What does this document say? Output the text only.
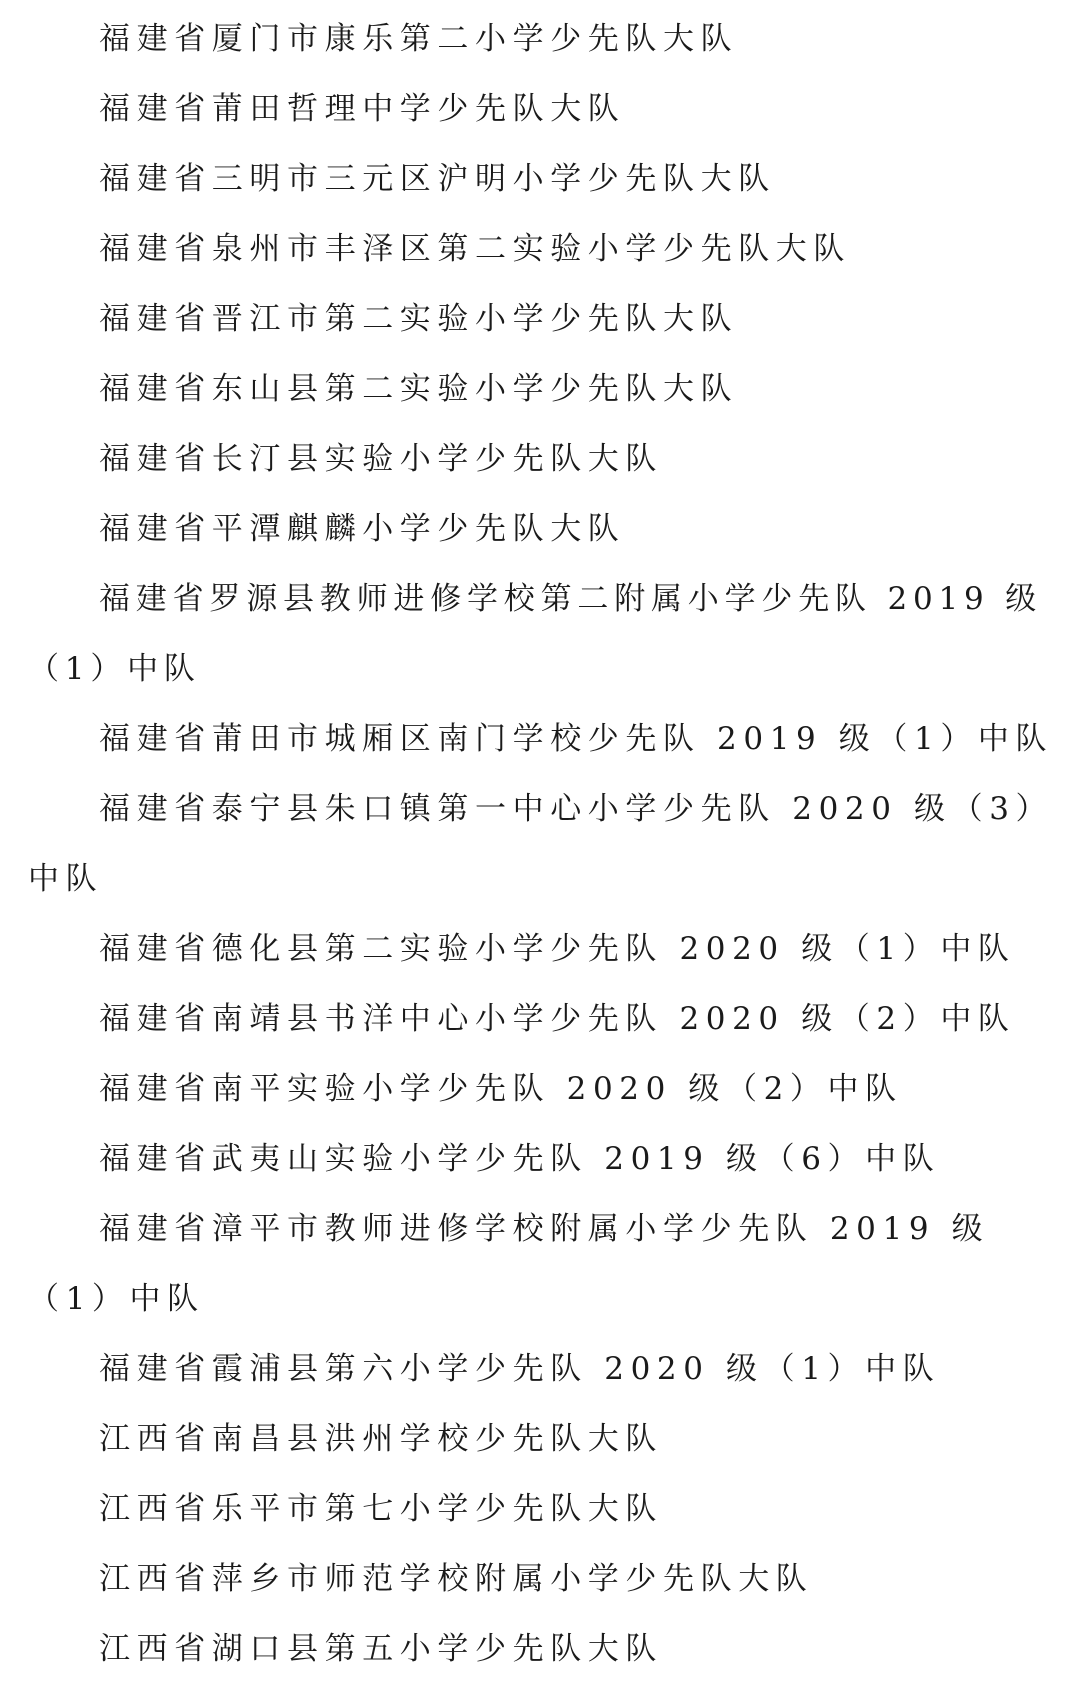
福建省厦门市康乐第二小学少先队大队

福建省莆田哲理中学少先队大队

福建省三明市三元区沪明小学少先队大队

福建省泉州市丰泽区第二实验小学少先队大队

福建省晋江市第二实验小学少先队大队

福建省东山县第二实验小学少先队大队

福建省长汀县实验小学少先队大队

福建省平潭麒麟小学少先队大队

福建省罗源县教师进修学校第二附属小学少先队 2019 级（1）中队

福建省莆田市城厢区南门学校少先队 2019 级（1）中队

福建省泰宁县朱口镇第一中心小学少先队 2020 级（3）中队

福建省德化县第二实验小学少先队 2020 级（1）中队

福建省南靖县书洋中心小学少先队 2020 级（2）中队

福建省南平实验小学少先队 2020 级（2）中队

福建省武夷山实验小学少先队 2019 级（6）中队

福建省漳平市教师进修学校附属小学少先队 2019 级（1）中队

福建省霞浦县第六小学少先队 2020 级（1）中队

江西省南昌县洪州学校少先队大队

江西省乐平市第七小学少先队大队

江西省萍乡市师范学校附属小学少先队大队

江西省湖口县第五小学少先队大队
